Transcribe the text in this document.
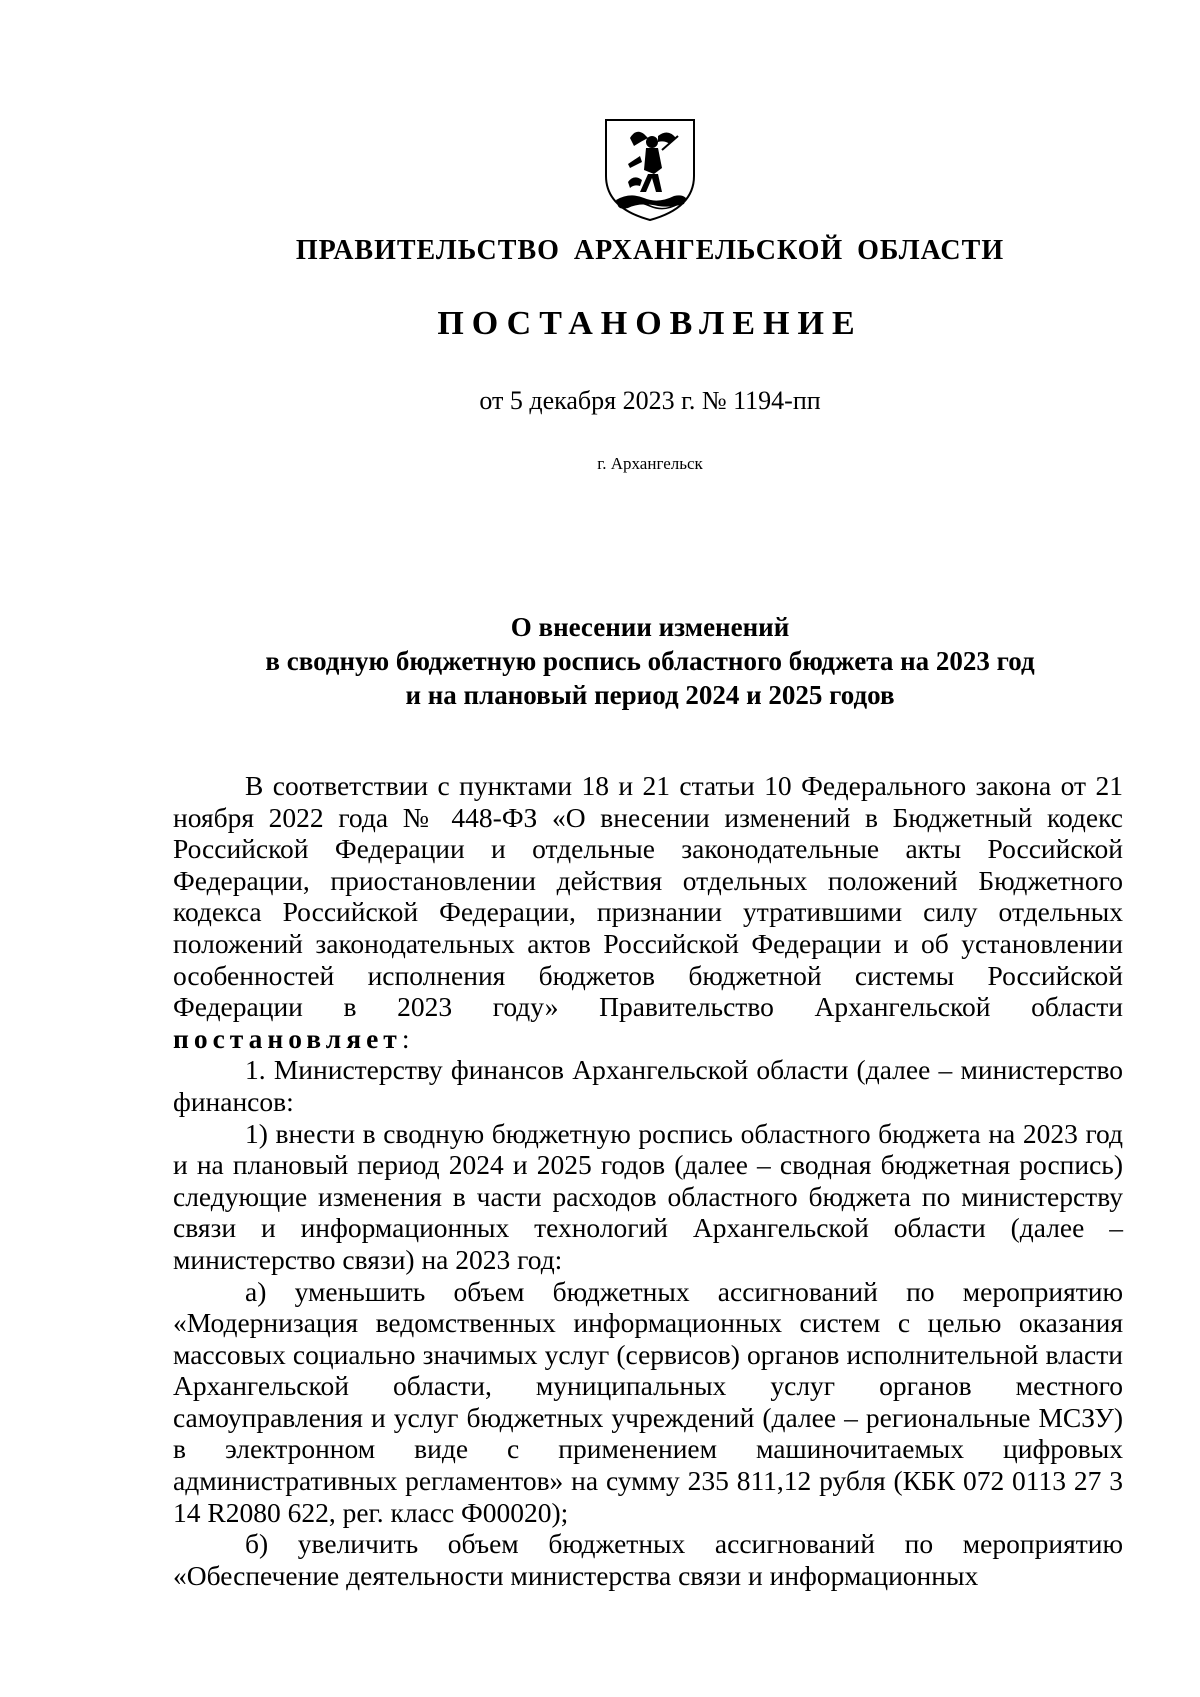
ПРАВИТЕЛЬСТВО АРХАНГЕЛЬСКОЙ ОБЛАСТИ
ПОСТАНОВЛЕНИЕ
от 5 декабря 2023 г. № 1194-пп
г. Архангельск
О внесении изменений
в сводную бюджетную роспись областного бюджета на 2023 год
и на плановый период 2024 и 2025 годов

В соответствии с пунктами 18 и 21 статьи 10 Федерального закона от 21 ноября 2022 года № 448-ФЗ «О внесении изменений в Бюджетный кодекс Российской Федерации и отдельные законодательные акты Российской Федерации, приостановлении действия отдельных положений Бюджетного кодекса Российской Федерации, признании утратившими силу отдельных положений законодательных актов Российской Федерации и об установлении особенностей исполнения бюджетов бюджетной системы Российской Федерации в 2023 году» Правительство Архангельской области постановляет:

1. Министерству финансов Архангельской области (далее – министерство финансов:

1) внести в сводную бюджетную роспись областного бюджета на 2023 год и на плановый период 2024 и 2025 годов (далее – сводная бюджетная роспись) следующие изменения в части расходов областного бюджета по министерству связи и информационных технологий Архангельской области (далее – министерство связи) на 2023 год:

а) уменьшить объем бюджетных ассигнований по мероприятию «Модернизация ведомственных информационных систем с целью оказания массовых социально значимых услуг (сервисов) органов исполнительной власти Архангельской области, муниципальных услуг органов местного самоуправления и услуг бюджетных учреждений (далее – региональные МСЗУ) в электронном виде с применением машиночитаемых цифровых административных регламентов» на сумму 235 811,12 рубля (КБК 072 0113 27 3 14 R2080 622, рег. класс Ф00020);

б) увеличить объем бюджетных ассигнований по мероприятию «Обеспечение деятельности министерства связи и информационных
